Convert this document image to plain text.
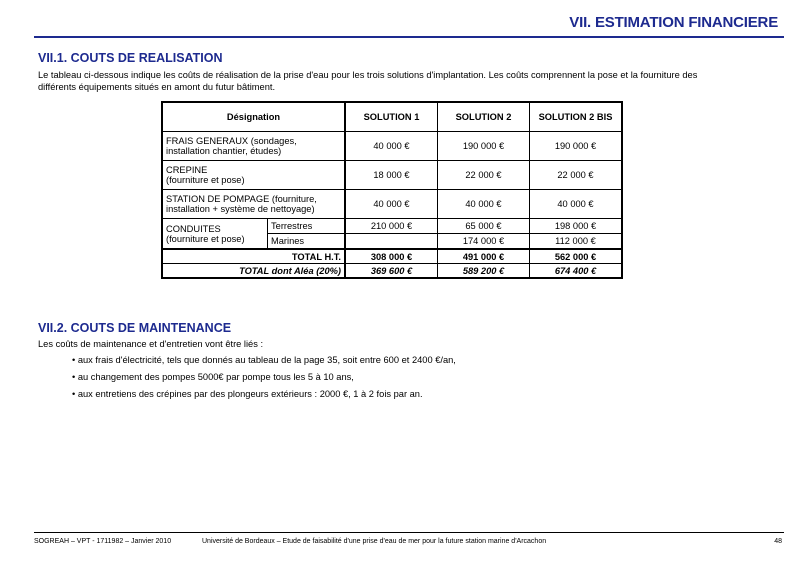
VII. ESTIMATION FINANCIERE
VII.1. COUTS DE REALISATION
Le tableau ci-dessous indique les coûts de réalisation de la prise d'eau pour les trois solutions d'implantation. Les coûts comprennent la pose et la fourniture des
différents équipements situés en amont du futur bâtiment.
Désignation		SOLUTION 1	SOLUTION 2	SOLUTION 2 BIS

FRAIS GENERAUX (sondages,
installation chantier, études)		40 000 €	190 000 €	190 000 €

CREPINE
(fourniture et pose)		18 000 €	22 000 €	22 000 €

STATION DE POMPAGE (fourniture,
installation + système de nettoyage)		40 000 €	40 000 €	40 000 €

CONDUITES
(fourniture et pose)	Terrestres	210 000 €	65 000 €	198 000 €
	Marines		174 000 €	112 000 €
TOTAL H.T.		308 000 €	491 000 €	562 000 €
TOTAL dont Aléa (20%)		369 600 €	589 200 €	674 400 €
VII.2. COUTS DE MAINTENANCE
Les coûts de maintenance et d'entretien vont être liés :
• aux frais d'électricité, tels que donnés au tableau de la page 35, soit entre 600 et 2400 €/an,
• au changement des pompes 5000€ par pompe tous les 5 à 10 ans,
• aux entretiens des crépines par des plongeurs extérieurs : 2000 €, 1 à 2 fois par an.
SOGREAH – VPT - 1711982 – Janvier 2010	Université de Bordeaux – Etude de faisabilité d'une prise d'eau de mer pour la future station marine d'Arcachon	48
